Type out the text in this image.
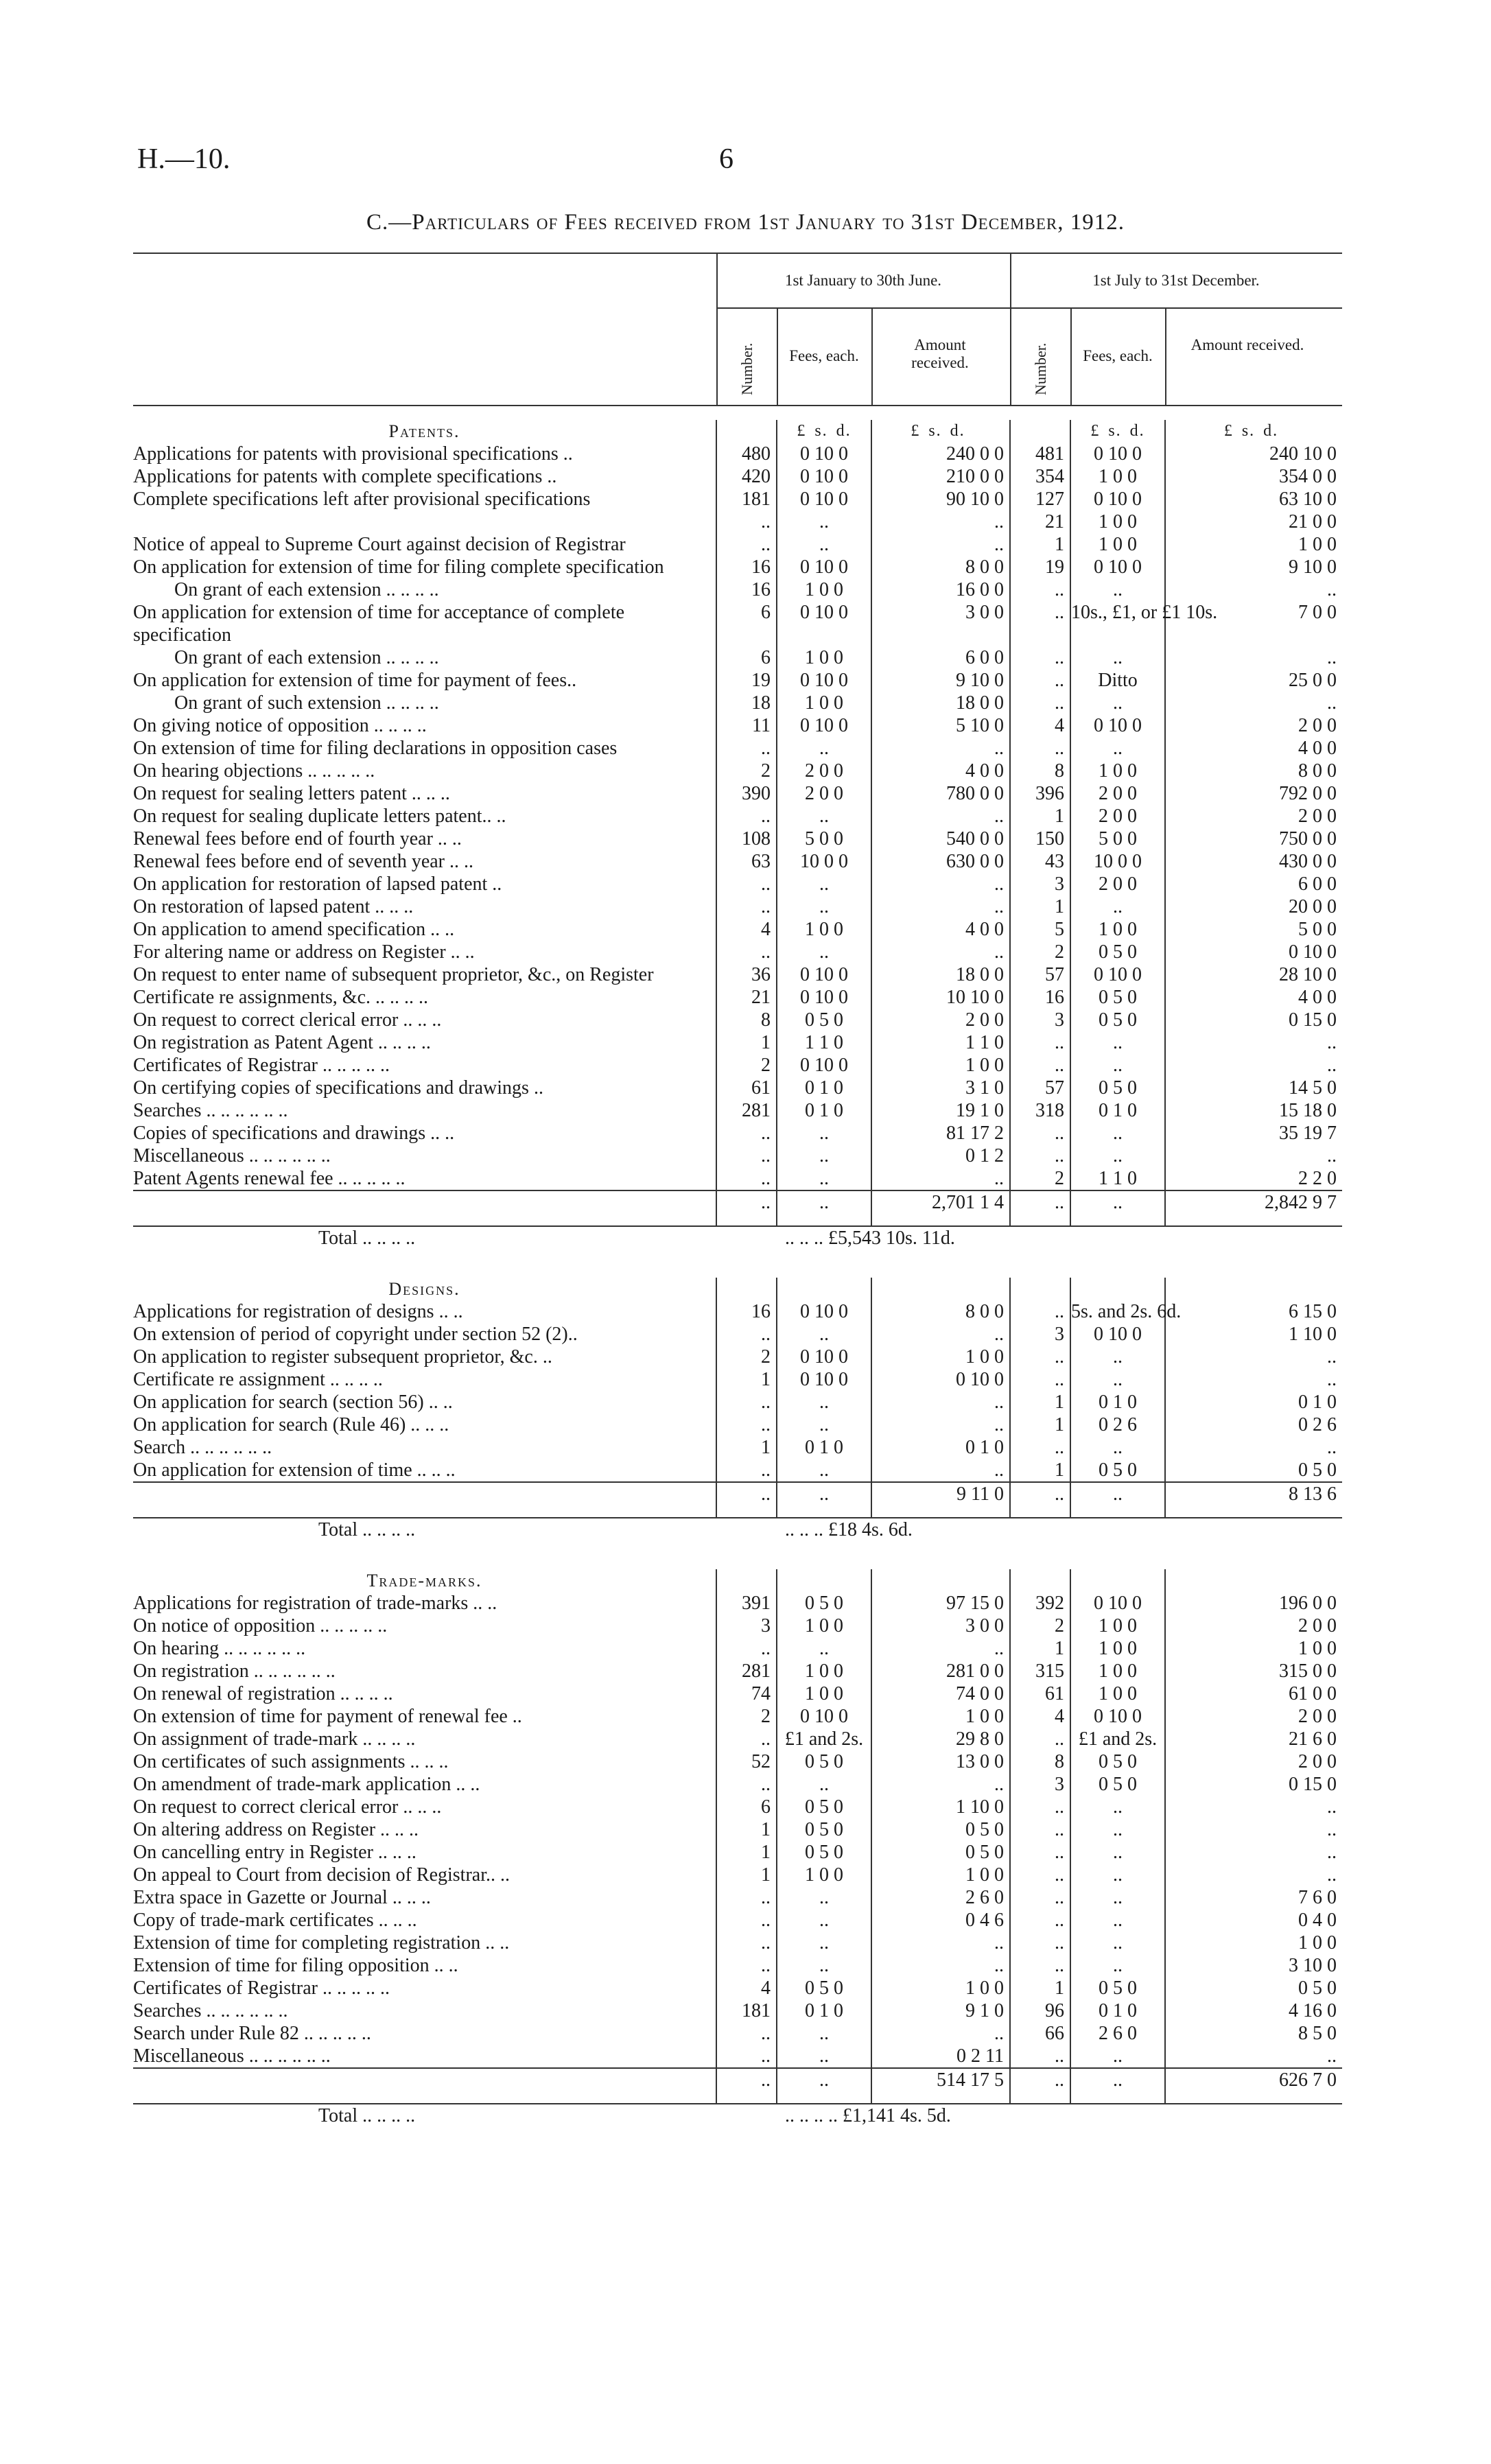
H.—10.	6
C.—Particulars of Fees received from 1st January to 31st December, 1912.
1st January to 30th June.	1st July to 31st December.
Number.	Fees, each.
Amount received.	Number.	Fees, each.
Amount received.
Patents.		£ s. d.	£ s. d.		£ s. d.	£ s. d.
Applications for patents with provisional specifications ..	480	0 10 0	240 0 0	481	0 10 0	240 10 0
Applications for patents with complete specifications ..	420	0 10 0	210 0 0	354	1 0 0	354 0 0
Complete specifications left after provisional specifications	181	0 10 0	90 10 0	127	0 10 0	63 10 0
	..	..	..	21	1 0 0	21 0 0
Notice of appeal to Supreme Court against decision of Registrar	..	..	..	1	1 0 0	1 0 0
On application for extension of time for filing complete specification	16	0 10 0	8 0 0	19	0 10 0	9 10 0
On grant of each extension .. .. .. ..	16	1 0 0	16 0 0	..	..	..
On application for extension of time for acceptance of complete specification	6	0 10 0	3 0 0	..	10s., £1, or £1 10s.	7 0 0
On grant of each extension .. .. .. ..	6	1 0 0	6 0 0	..	..	..
On application for extension of time for payment of fees..	19	0 10 0	9 10 0	..	Ditto	25 0 0
On grant of such extension .. .. .. ..	18	1 0 0	18 0 0	..	..	..
On giving notice of opposition .. .. .. ..	11	0 10 0	5 10 0	4	0 10 0	2 0 0
On extension of time for filing declarations in opposition cases	..	..	..	..	..	4 0 0
On hearing objections .. .. .. .. ..	2	2 0 0	4 0 0	8	1 0 0	8 0 0
On request for sealing letters patent .. .. ..	390	2 0 0	780 0 0	396	2 0 0	792 0 0
On request for sealing duplicate letters patent.. ..	..	..	..	1	2 0 0	2 0 0
Renewal fees before end of fourth year .. ..	108	5 0 0	540 0 0	150	5 0 0	750 0 0
Renewal fees before end of seventh year .. ..	63	10 0 0	630 0 0	43	10 0 0	430 0 0
On application for restoration of lapsed patent ..	..	..	..	3	2 0 0	6 0 0
On restoration of lapsed patent .. .. ..	..	..	..	1	..	20 0 0
On application to amend specification .. ..	4	1 0 0	4 0 0	5	1 0 0	5 0 0
For altering name or address on Register .. ..	..	..	..	2	0 5 0	0 10 0
On request to enter name of subsequent proprietor, &c., on Register	36	0 10 0	18 0 0	57	0 10 0	28 10 0
Certificate re assignments, &c. .. .. .. ..	21	0 10 0	10 10 0	16	0 5 0	4 0 0
On request to correct clerical error .. .. ..	8	0 5 0	2 0 0	3	0 5 0	0 15 0
On registration as Patent Agent .. .. .. ..	1	1 1 0	1 1 0	..	..	..
Certificates of Registrar .. .. .. .. ..	2	0 10 0	1 0 0	..	..	..
On certifying copies of specifications and drawings ..	61	0 1 0	3 1 0	57	0 5 0	14 5 0
Searches .. .. .. .. .. ..	281	0 1 0	19 1 0	318	0 1 0	15 18 0
Copies of specifications and drawings .. ..	..	..	81 17 2	..	..	35 19 7
Miscellaneous .. .. .. .. .. ..	..	..	0 1 2	..	..	..
Patent Agents renewal fee .. .. .. .. ..	..	..	..	2	1 1 0	2 2 0
	..	..	2,701 1 4	..	..	2,842 9 7
Total .. .. .. ..	.. .. .. £5,543 10s. 11d.					
Designs.						
Applications for registration of designs .. ..	16	0 10 0	8 0 0	..	5s. and 2s. 6d.	6 15 0
On extension of period of copyright under section 52 (2)..	..	..	..	3	0 10 0	1 10 0
On application to register subsequent proprietor, &c. ..	2	0 10 0	1 0 0	..	..	..
Certificate re assignment .. .. .. ..	1	0 10 0	0 10 0	..	..	..
On application for search (section 56) .. ..	..	..	..	1	0 1 0	0 1 0
On application for search (Rule 46) .. .. ..	..	..	..	1	0 2 6	0 2 6
Search .. .. .. .. .. ..	1	0 1 0	0 1 0	..	..	..
On application for extension of time .. .. ..	..	..	..	1	0 5 0	0 5 0
	..	..	9 11 0	..	..	8 13 6
Total .. .. .. ..	.. .. .. £18 4s. 6d.					
Trade-marks.						
Applications for registration of trade-marks .. ..	391	0 5 0	97 15 0	392	0 10 0	196 0 0
On notice of opposition .. .. .. .. ..	3	1 0 0	3 0 0	2	1 0 0	2 0 0
On hearing .. .. .. .. .. ..	..	..	..	1	1 0 0	1 0 0
On registration .. .. .. .. .. ..	281	1 0 0	281 0 0	315	1 0 0	315 0 0
On renewal of registration .. .. .. ..	74	1 0 0	74 0 0	61	1 0 0	61 0 0
On extension of time for payment of renewal fee ..	2	0 10 0	1 0 0	4	0 10 0	2 0 0
On assignment of trade-mark .. .. .. ..	..	£1 and 2s.	29 8 0	..	£1 and 2s.	21 6 0
On certificates of such assignments .. .. ..	52	0 5 0	13 0 0	8	0 5 0	2 0 0
On amendment of trade-mark application .. ..	..	..	..	3	0 5 0	0 15 0
On request to correct clerical error .. .. ..	6	0 5 0	1 10 0	..	..	..
On altering address on Register .. .. ..	1	0 5 0	0 5 0	..	..	..
On cancelling entry in Register .. .. ..	1	0 5 0	0 5 0	..	..	..
On appeal to Court from decision of Registrar.. ..	1	1 0 0	1 0 0	..	..	..
Extra space in Gazette or Journal .. .. ..	..	..	2 6 0	..	..	7 6 0
Copy of trade-mark certificates .. .. ..	..	..	0 4 6	..	..	0 4 0
Extension of time for completing registration .. ..	..	..	..	..	..	1 0 0
Extension of time for filing opposition .. ..	..	..	..	..	..	3 10 0
Certificates of Registrar .. .. .. .. ..	4	0 5 0	1 0 0	1	0 5 0	0 5 0
Searches .. .. .. .. .. ..	181	0 1 0	9 1 0	96	0 1 0	4 16 0
Search under Rule 82 .. .. .. .. ..	..	..	..	66	2 6 0	8 5 0
Miscellaneous .. .. .. .. .. ..	..	..	0 2 11	..	..	..
	..	..	514 17 5	..	..	626 7 0
Total .. .. .. ..	.. .. .. .. £1,141 4s. 5d.					
